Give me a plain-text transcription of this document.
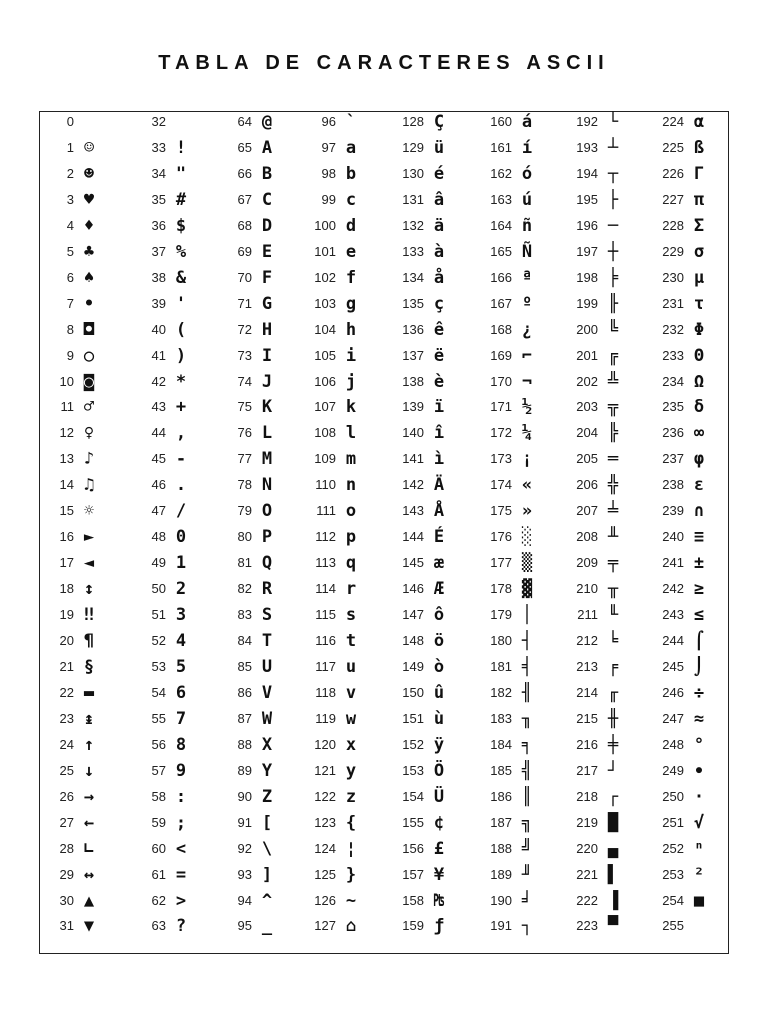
TABLA DE CARACTERES ASCII
0
1 ☺
2 ☻
3 ♥
4 ♦
5 ♣
6 ♠
7 •
8 ◘
9 ○
10 ◙
11 ♂
12 ♀
13 ♪
14 ♫
15 ☼
16 ►
17 ◄
18 ↕
19 ‼
20 ¶
21 §
22 ▬
23 ↨
24 ↑
25 ↓
26 →
27 ←
28 ∟
29 ↔
30 ▲
31 ▼
32
33 !
34 "
35 #
36 $
37 %
38 &
39 '
40 (
41 )
42 *
43 +
44 ,
45 -
46 .
47 /
48 0
49 1
50 2
51 3
52 4
53 5
54 6
55 7
56 8
57 9
58 :
59 ;
60 <
61 =
62 >
63 ?
64 @
65 A
66 B
67 C
68 D
69 E
70 F
71 G
72 H
73 I
74 J
75 K
76 L
77 M
78 N
79 O
80 P
81 Q
82 R
83 S
84 T
85 U
86 V
87 W
88 X
89 Y
90 Z
91 [
92 \
93 ]
94 ^
95 _
96 `
97 a
98 b
99 c
100 d
101 e
102 f
103 g
104 h
105 i
106 j
107 k
108 l
109 m
110 n
111 o
112 p
113 q
114 r
115 s
116 t
117 u
118 v
119 w
120 x
121 y
122 z
123 {
124 ¦
125 }
126 ~
127 ⌂
128 Ç
129 ü
130 é
131 â
132 ä
133 à
134 å
135 ç
136 ê
137 ë
138 è
139 ï
140 î
141 ì
142 Ä
143 Å
144 É
145 æ
146 Æ
147 ô
148 ö
149 ò
150 û
151 ù
152 ÿ
153 Ö
154 Ü
155 ¢
156 £
157 ¥
158 ₧
159 ƒ
160 á
161 í
162 ó
163 ú
164 ñ
165 Ñ
166 ª
167 º
168 ¿
169 ⌐
170 ¬
171 ½
172 ¼
173 ¡
174 «
175 »
176 ░
177 ▒
178 ▓
179 │
180 ┤
181 ╡
182 ╢
183 ╖
184 ╕
185 ╣
186 ║
187 ╗
188 ╝
189 ╜
190 ╛
191 ┐
192 └
193 ┴
194 ┬
195 ├
196 ─
197 ┼
198 ╞
199 ╟
200 ╚
201 ╔
202 ╩
203 ╦
204 ╠
205 ═
206 ╬
207 ╧
208 ╨
209 ╤
210 ╥
211 ╙
212 ╘
213 ╒
214 ╓
215 ╫
216 ╪
217 ┘
218 ┌
219 █
220 ▄
221 ▌
222 ▐
223 ▀
224 α
225 ß
226 Γ
227 π
228 Σ
229 σ
230 µ
231 τ
232 Φ
233 Θ
234 Ω
235 δ
236 ∞
237 φ
238 ε
239 ∩
240 ≡
241 ±
242 ≥
243 ≤
244 ⌠
245 ⌡
246 ÷
247 ≈
248 °
249 ∙
250 ·
251 √
252 ⁿ
253 ²
254 ■
255
